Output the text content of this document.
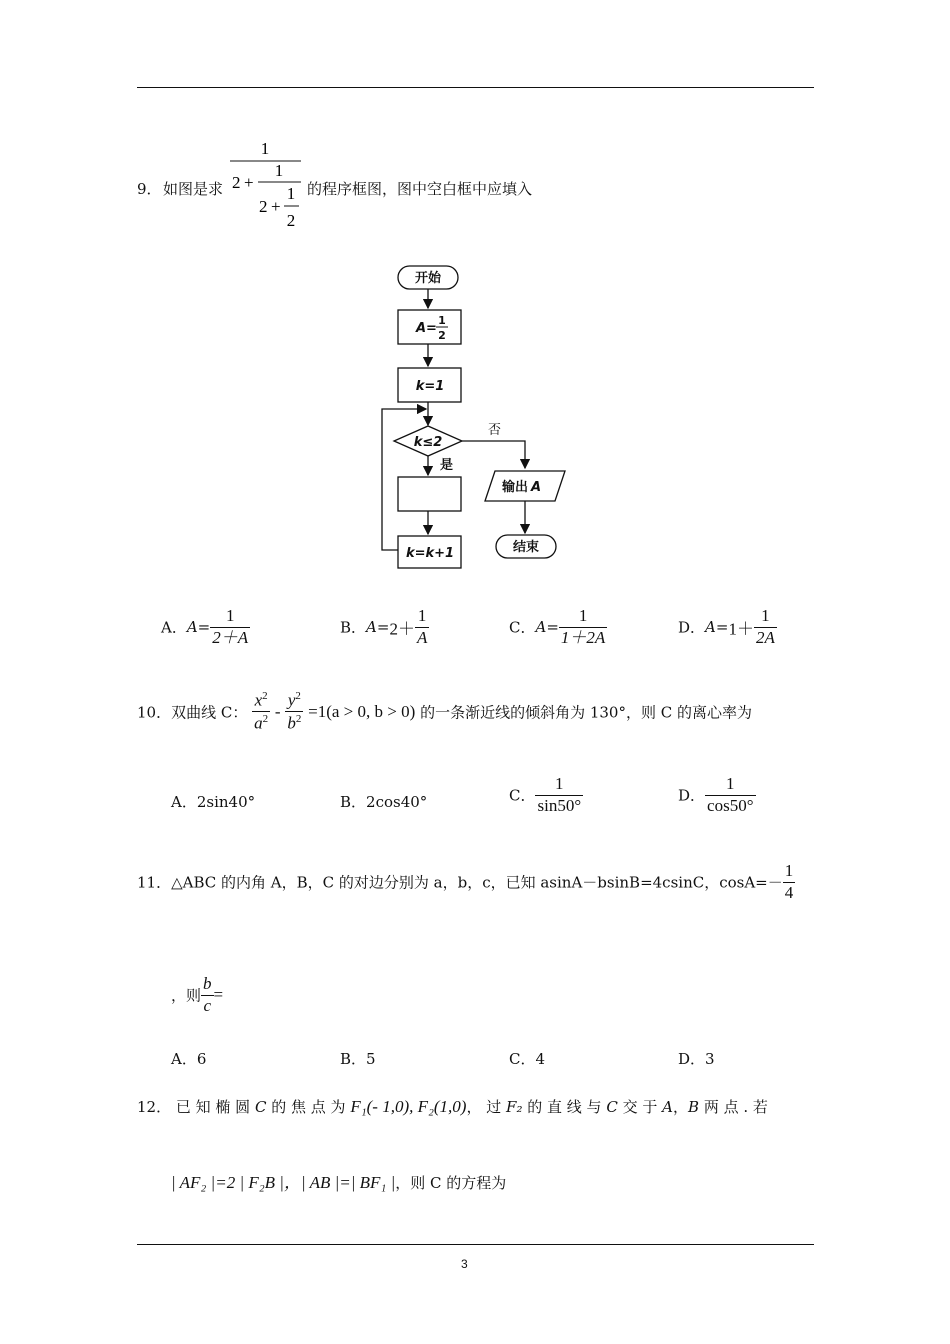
9． 如图是求
1
2 +
1
2 +
1
2
的程序框图，图中空白框中应填入
开始
A =
1
2
k=1
k≤2
否
是
k=k+1
输出 A
结束
A．$A= \frac{1}{2+A}$	B．$A=2+ \frac{1}{A}$	C．$A= \frac{1}{1+2A}$	D．$A=1+ \frac{1}{2A}$
10．双曲线 C： $\frac{x^2}{a^2} - \frac{y^2}{b^2} =1(a > 0$, b > 0) 的一条渐近线的倾斜角为 130°，则 C 的离心率为
A．2sin40°	B．2cos40°	C． $\frac{1}{\sin 50^\circ}$	D． $\frac{1}{\cos 50^\circ}$
11．△ABC 的内角 A，B，C 的对边分别为 a，b，c，已知 asinA－bsinB=4csinC，$\cos A=- \frac{1}{4}$
，则 $\frac{b}{c}$ =
A．6	B．5	C．4	D．3
12． 已 知 椭 圆 C 的 焦 点 为 F₁(- 1,0), F₂(1,0)， 过 F₂ 的 直 线 与 C 交 于 A，B 两 点 . 若
| AF₂ |=2 | F₂B |，| AB |=| BF₁ |，则 C 的方程为
3
